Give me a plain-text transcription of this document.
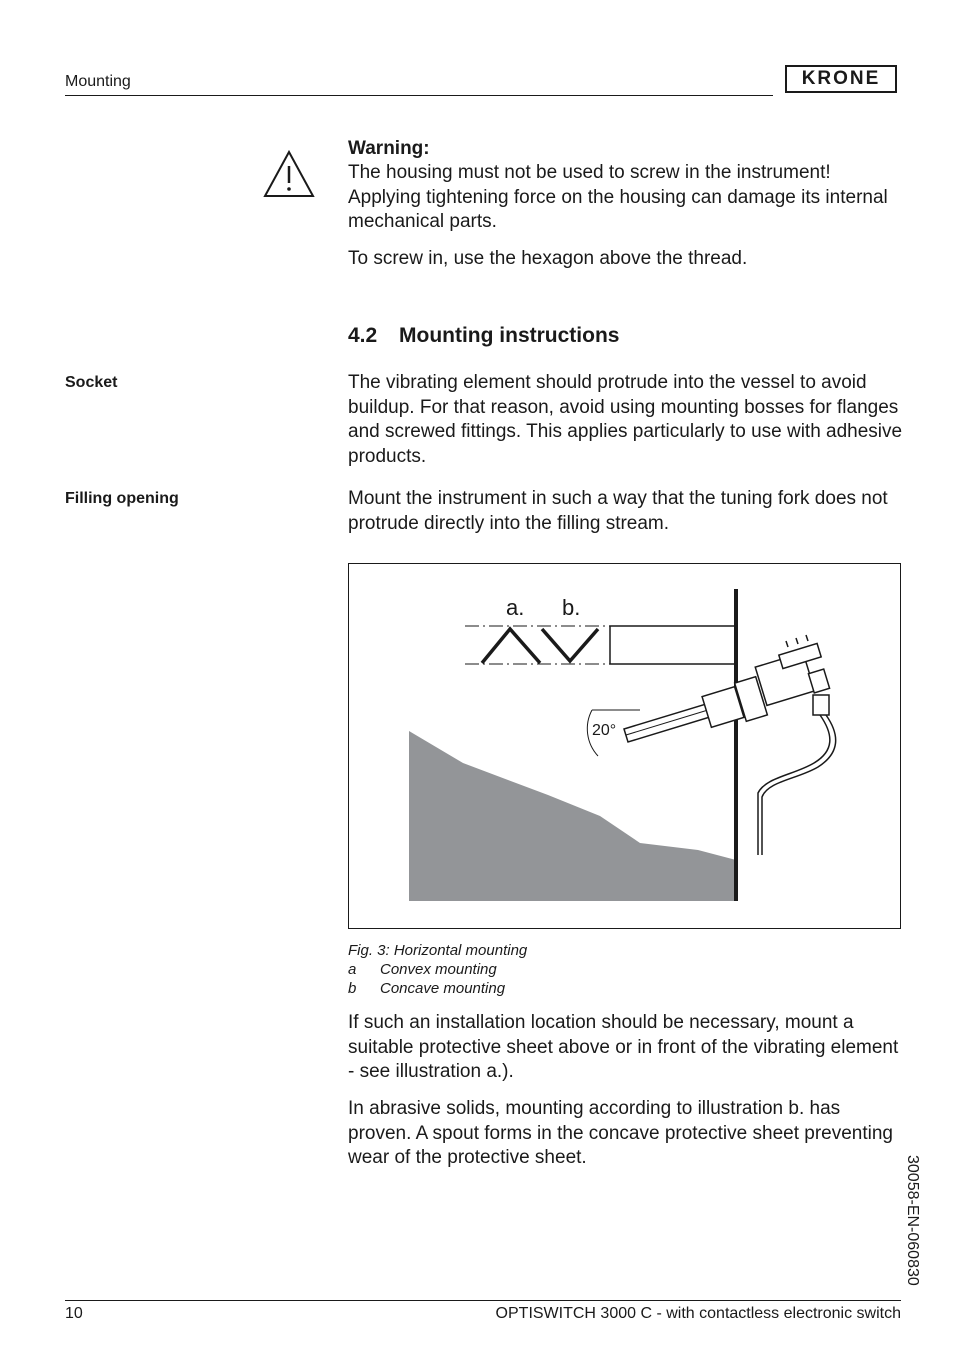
Mounting	KRONE
Warning:
The housing must not be used to screw in the instrument! Applying tightening force on the housing can damage its internal mechanical parts.
To screw in, use the hexagon above the thread.
4.2 Mounting instructions
Socket	The vibrating element should protrude into the vessel to avoid buildup. For that reason, avoid using mounting bosses for flanges and screwed fittings. This applies particularly to use with adhesive products.
Filling opening	Mount the instrument in such a way that the tuning fork does not protrude directly into the filling stream.
a. b.
20°
Fig. 3: Horizontal mounting
a Convex mounting
b Concave mounting
If such an installation location should be necessary, mount a suitable protective sheet above or in front of the vibrating element - see illustration a.).
In abrasive solids, mounting according to illustration b. has proven. A spout forms in the concave protective sheet preventing wear of the protective sheet.	30058-EN-060830
10	OPTISWITCH 3000 C - with contactless electronic switch
